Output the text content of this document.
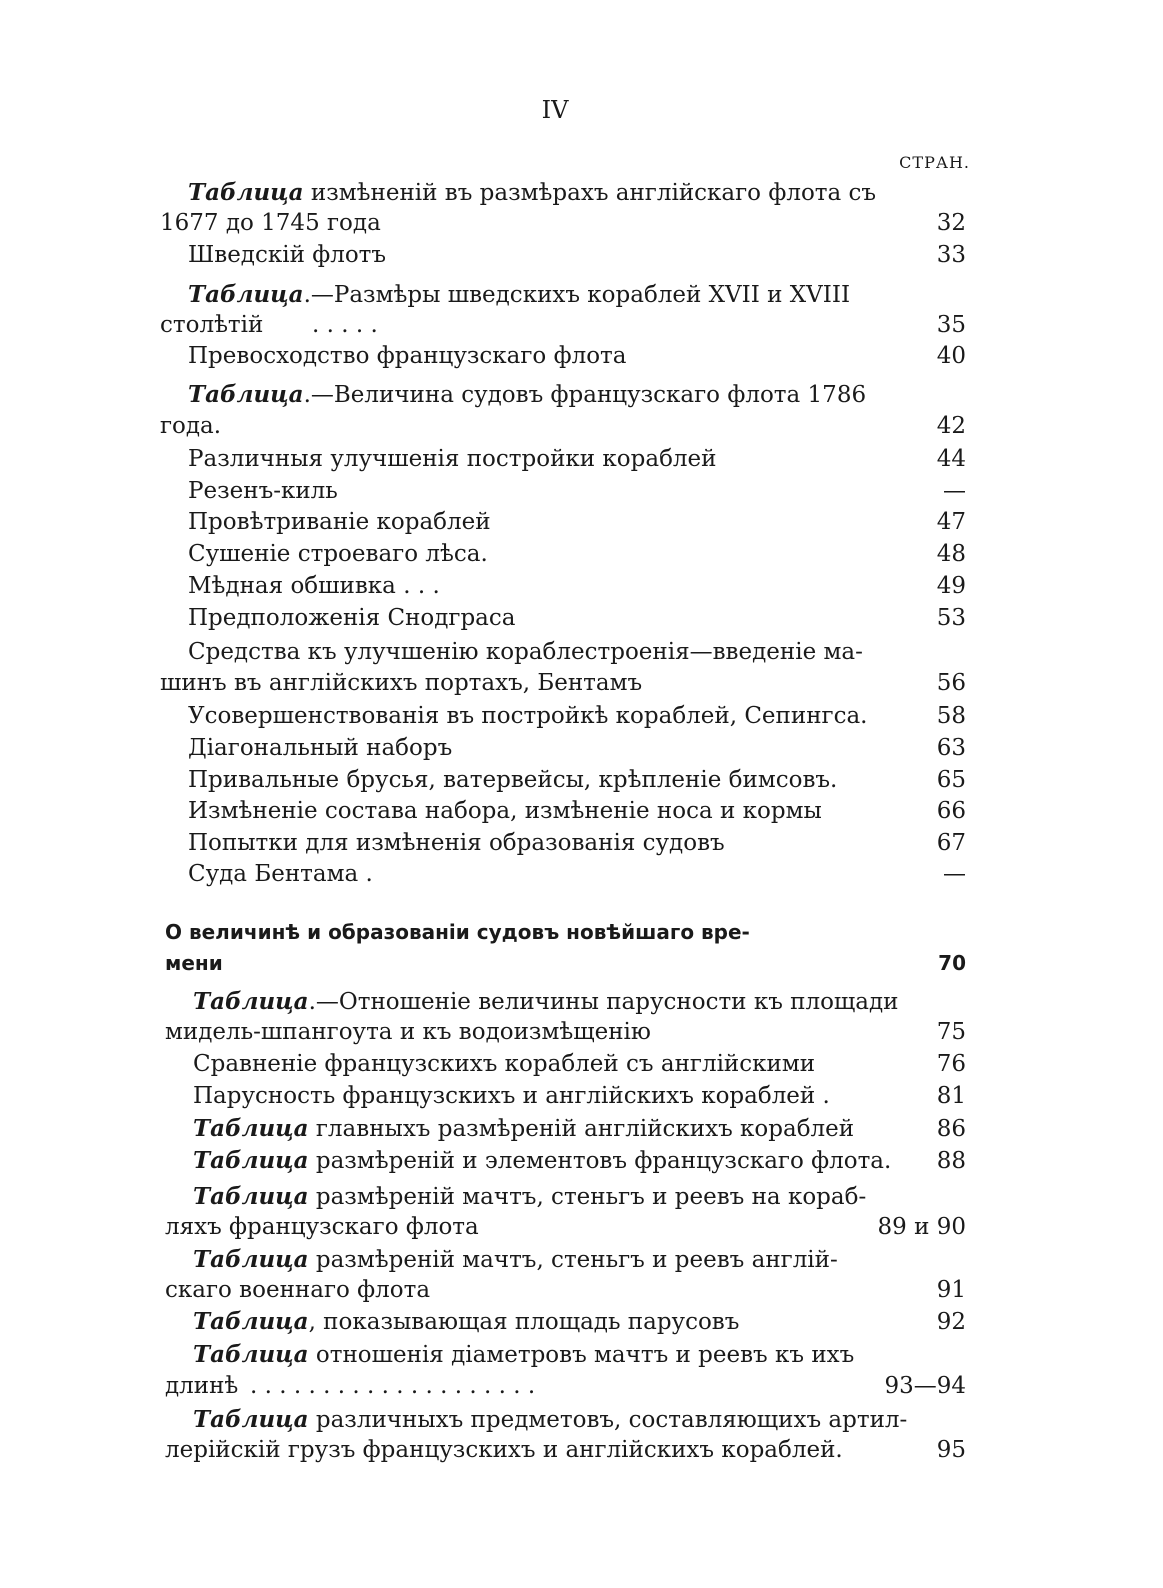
IV
СТРАН.
Таблица измѣненій въ размѣрахъ англійскаго флота съ
1677 до 1745 года	32
Шведскій флотъ	33
Таблица.—Размѣры шведскихъ кораблей XVII и XVIII
столѣтій . . . . .	35
Превосходство французскаго флота	40
Таблица.—Величина судовъ французскаго флота 1786
года.	42
Различныя улучшенія постройки кораблей	44
Резенъ-киль	—
Провѣтриваніе кораблей	47
Сушеніе строеваго лѣса.	48
Мѣдная обшивка . . .	49
Предположенія Снодграса	53
Средства къ улучшенію кораблестроенія—введеніе ма-
шинъ въ англійскихъ портахъ, Бентамъ	56
Усовершенствованія въ постройкѣ кораблей, Сепингса.	58
Діагональный наборъ	63
Привальные брусья, ватервейсы, крѣпленіе бимсовъ.	65
Измѣненіе состава набора, измѣненіе носа и кормы	66
Попытки для измѣненія образованія судовъ	67
Суда Бентама .	—
О величинѣ и образованіи судовъ новѣйшаго вре-
мени	70
Таблица.—Отношеніе величины парусности къ площади
мидель-шпангоута и къ водоизмѣщенію	75
Сравненіе французскихъ кораблей съ англійскими	76
Парусность французскихъ и англійскихъ кораблей .	81
Таблица главныхъ размѣреній англійскихъ кораблей	86
Таблица размѣреній и элементовъ французскаго флота. 88
Таблица размѣреній мачтъ, стеньгъ и реевъ на кораб-
ляхъ французскаго флота	89 и 90
Таблица размѣреній мачтъ, стеньгъ и реевъ англій-
скаго военнаго флота	91
Таблица, показывающая площадь парусовъ	92
Таблица отношенія діаметровъ мачтъ и реевъ къ ихъ
длинѣ . . . . . . . . . . . . . . . . . . . .	93—94
Таблица различныхъ предметовъ, составляющихъ артил-
лерійскій грузъ французскихъ и англійскихъ кораблей.	95
